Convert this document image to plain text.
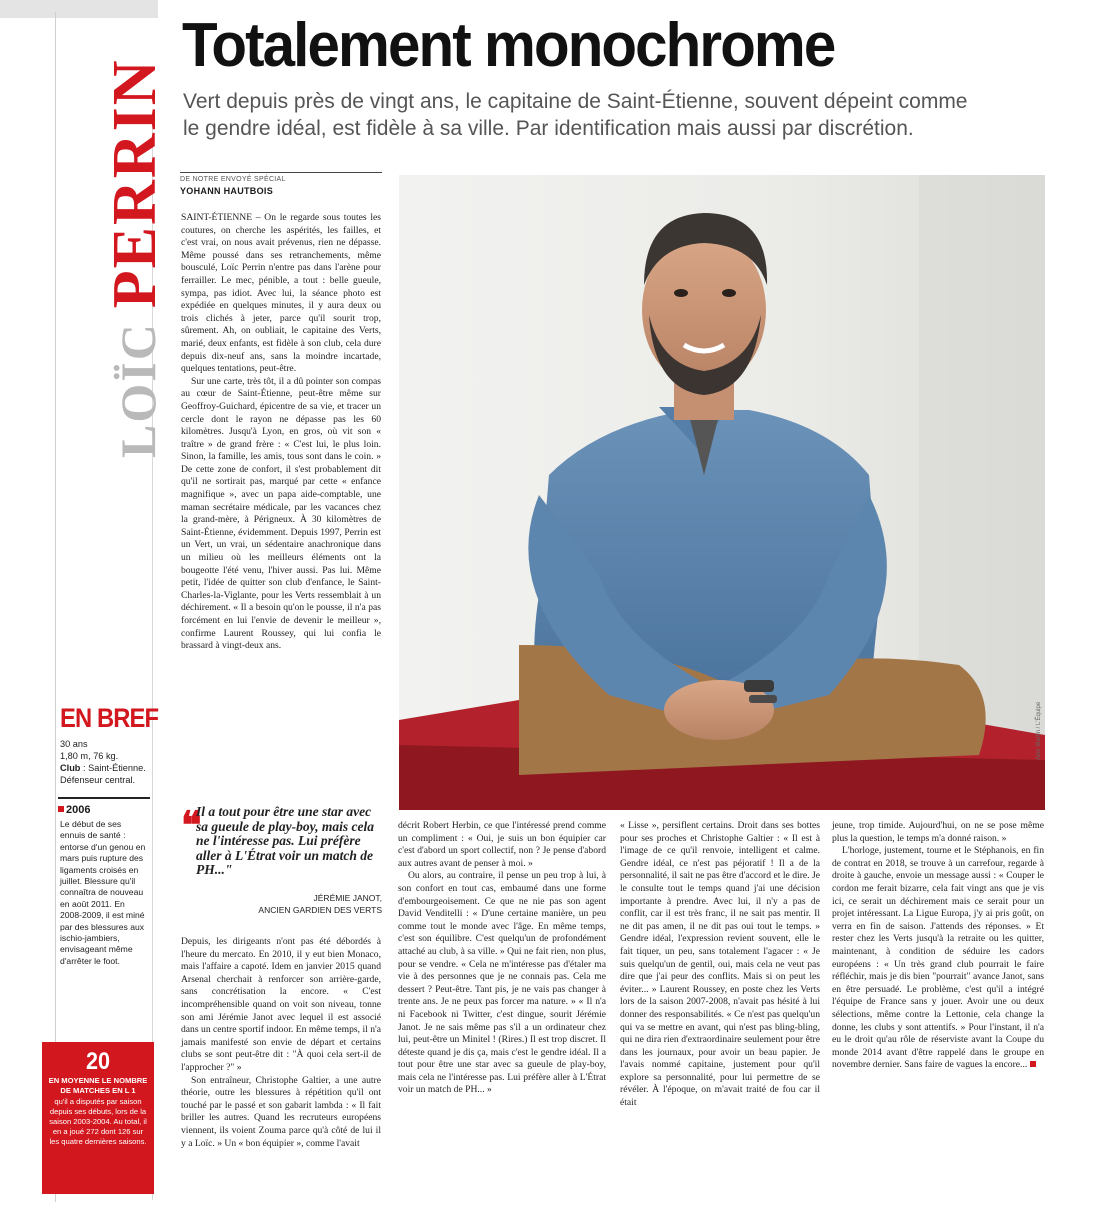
LOÏCPERRIN
Totalement monochrome
Vert depuis près de vingt ans, le capitaine de Saint-Étienne, souvent dépeint comme le gendre idéal, est fidèle à sa ville. Par identification mais aussi par discrétion.
DE NOTRE ENVOYÉ SPÉCIAL
YOHANN HAUTBOIS

SAINT-ÉTIENNE – On le regarde sous toutes les coutures, on cherche les aspérités, les failles, et c'est vrai, on nous avait prévenus, rien ne dépasse. Même poussé dans ses retranchements, même bousculé, Loïc Perrin n'entre pas dans l'arène pour ferrailler. Le mec, pénible, a tout : belle gueule, sympa, pas idiot. Avec lui, la séance photo est expédiée en quelques minutes, il y aura deux ou trois clichés à jeter, parce qu'il sourit trop, sûrement. Ah, on oubliait, le capitaine des Verts, marié, deux enfants, est fidèle à son club, cela dure depuis dix-neuf ans, sans la moindre incartade, quelques tentations, peut-être.

Sur une carte, très tôt, il a dû pointer son compas au cœur de Saint-Étienne, peut-être même sur Geoffroy-Guichard, épicentre de sa vie, et tracer un cercle dont le rayon ne dépasse pas les 60 kilomètres. Jusqu'à Lyon, en gros, où vit son « traître » de grand frère : « C'est lui, le plus loin. Sinon, la famille, les amis, tous sont dans le coin. » De cette zone de confort, il s'est probablement dit qu'il ne sortirait pas, marqué par cette « enfance magnifique », avec un papa aide-comptable, une maman secrétaire médicale, par les vacances chez la grand-mère, à Périgneux. À 30 kilomètres de Saint-Étienne, évidemment. Depuis 1997, Perrin est un Vert, un vrai, un sédentaire anachronique dans un milieu où les meilleurs éléments ont la bougeotte l'été venu, l'hiver aussi. Pas lui. Même petit, l'idée de quitter son club d'enfance, le Saint-Charles-la-Viglante, pour les Verts ressemblait à un déchirement. « Il a besoin qu'on le pousse, il n'a pas forcément en lui l'envie de devenir le meilleur », confirme Laurent Roussey, qui lui confia le brassard à vingt-deux ans.

Alex Martin / L'Équipe
❝
Il a tout pour être une star avec sa gueule de play-boy, mais cela ne l'intéresse pas. Lui préfère aller à L'Étrat voir un match de PH..."
JÉRÉMIE JANOT,
ANCIEN GARDIEN DES VERTS

Depuis, les dirigeants n'ont pas été débordés à l'heure du mercato. En 2010, il y eut bien Monaco, mais l'affaire a capoté. Idem en janvier 2015 quand Arsenal cherchait à renforcer son arrière-garde, sans concrétisation la encore. « C'est incompréhensible quand on voit son niveau, tonne son ami Jérémie Janot avec lequel il est associé dans un centre sportif indoor. En même temps, il n'a jamais manifesté son envie de départ et certains clubs se sont peut-être dit : "À quoi cela sert-il de l'approcher ?" »

Son entraîneur, Christophe Galtier, a une autre théorie, outre les blessures à répétition qu'il ont touché par le passé et son gabarit lambda : « Il fait briller les autres. Quand les recruteurs européens viennent, ils voient Zouma parce qu'à côté de lui il y a Loïc. » Un « bon équipier », comme l'avait

décrit Robert Herbin, ce que l'intéressé prend comme un compliment : « Oui, je suis un bon équipier car c'est d'abord un sport collectif, non ? Je pense d'abord aux autres avant de penser à moi. »

Ou alors, au contraire, il pense un peu trop à lui, à son confort en tout cas, embaumé dans une forme d'embourgeoisement. Ce que ne nie pas son agent David Venditelli : « D'une certaine manière, un peu comme tout le monde avec l'âge. En même temps, c'est son équilibre. C'est quelqu'un de profondément attaché au club, à sa ville. » Qui ne fait rien, non plus, pour se vendre. « Cela ne m'intéresse pas d'étaler ma vie à des personnes que je ne connais pas. Cela me dessert ? Peut-être. Tant pis, je ne vais pas changer à trente ans. Je ne peux pas forcer ma nature. » « Il n'a ni Facebook ni Twitter, c'est dingue, sourit Jérémie Janot. Je ne sais même pas s'il a un ordinateur chez lui, peut-être un Minitel ! (Rires.) Il est trop discret. Il déteste quand je dis ça, mais c'est le gendre idéal. Il a tout pour être une star avec sa gueule de play-boy, mais cela ne l'intéresse pas. Lui préfère aller à L'Étrat voir un match de PH... »

« Lisse », persiflent certains. Droit dans ses bottes pour ses proches et Christophe Galtier : « Il est à l'image de ce qu'il renvoie, intelligent et calme. Gendre idéal, ce n'est pas péjoratif ! Il a de la personnalité, il sait ne pas être d'accord et le dire. Je le consulte tout le temps quand j'ai une décision importante à prendre. Avec lui, il n'y a pas de conflit, car il est très franc, il ne sait pas mentir. Il ne dit pas amen, il ne dit pas oui tout le temps. » Gendre idéal, l'expression revient souvent, elle le fait tiquer, un peu, sans totalement l'agacer : « Je suis quelqu'un de gentil, oui, mais cela ne veut pas dire que j'ai peur des conflits. Mais si on peut les éviter... » Laurent Roussey, en poste chez les Verts lors de la saison 2007-2008, n'avait pas hésité à lui donner des responsabilités. « Ce n'est pas quelqu'un qui va se mettre en avant, qui n'est pas bling-bling, qui ne dira rien d'extraordinaire seulement pour être dans les journaux, pour avoir un beau papier. Je l'avais nommé capitaine, justement pour qu'il explore sa personnalité, pour lui permettre de se révéler. À l'époque, on m'avait traité de fou car il était

jeune, trop timide. Aujourd'hui, on ne se pose même plus la question, le temps m'a donné raison. »

L'horloge, justement, tourne et le Stéphanois, en fin de contrat en 2018, se trouve à un carrefour, regarde à droite à gauche, envoie un message aussi : « Couper le cordon me ferait bizarre, cela fait vingt ans que je vis ici, ce serait un déchirement mais ce serait pour un projet intéressant. La Ligue Europa, j'y ai pris goût, on verra en fin de saison. J'attends des réponses. » Et rester chez les Verts jusqu'à la retraite ou les quitter, maintenant, à condition de séduire les cadors européens : « Un très grand club pourrait le faire réfléchir, mais je dis bien "pourrait" avance Janot, sans en être persuadé. Le problème, c'est qu'il a intégré l'équipe de France sans y jouer. Avoir une ou deux sélections, même contre la Lettonie, cela change la donne, les clubs y sont attentifs. » Pour l'instant, il n'a eu le droit qu'au rôle de réserviste avant la Coupe du monde 2014 avant d'être rappelé dans le groupe en novembre dernier. Sans faire de vagues la encore...

EN BREF
30 ans
1,80 m, 76 kg.
Club : Saint-Étienne.
Défenseur central.
2006
Le début de ses ennuis de santé : entorse d'un genou en mars puis rupture des ligaments croisés en juillet. Blessure qu'il connaîtra de nouveau en août 2011. En 2008-2009, il est miné par des blessures aux ischio-jambiers, envisageant même d'arrêter le foot.
20
EN MOYENNE LE NOMBRE DE MATCHES EN L 1
qu'il a disputés par saison depuis ses débuts, lors de la saison 2003-2004. Au total, il en a joué 272 dont 126 sur les quatre dernières saisons.
